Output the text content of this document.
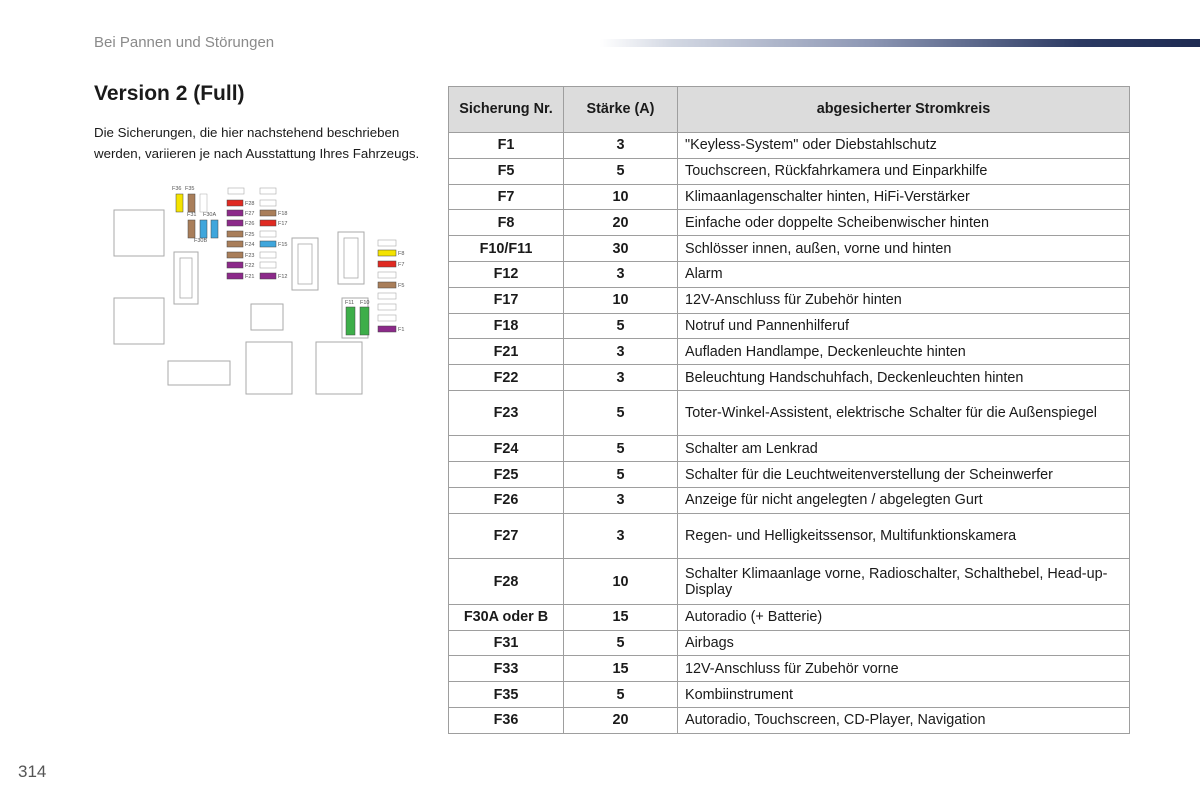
Bei Pannen und Störungen
Version 2 (Full)
Die Sicherungen, die hier nachstehend beschrieben werden, variieren je nach Ausstattung Ihres Fahrzeugs.
F36 F35
F31 F30A
F30B
F28
F27
F26
F25
F24
F23
F22
F21
F18
F17
F15
F12
F8
F7
F5
F1
F11 F10
Sicherung Nr.	Stärke (A)	abgesicherter Stromkreis
F1	3	"Keyless-System" oder Diebstahlschutz
F5	5	Touchscreen, Rückfahrkamera und Einparkhilfe
F7	10	Klimaanlagenschalter hinten, HiFi-Verstärker
F8	20	Einfache oder doppelte Scheibenwischer hinten
F10/F11	30	Schlösser innen, außen, vorne und hinten
F12	3	Alarm
F17	10	12V-Anschluss für Zubehör hinten
F18	5	Notruf und Pannenhilferuf
F21	3	Aufladen Handlampe, Deckenleuchte hinten
F22	3	Beleuchtung Handschuhfach, Deckenleuchten hinten
F23	5	Toter-Winkel-Assistent, elektrische Schalter für die Außenspiegel
F24	5	Schalter am Lenkrad
F25	5	Schalter für die Leuchtweitenverstellung der Scheinwerfer
F26	3	Anzeige für nicht angelegten / abgelegten Gurt
F27	3	Regen- und Helligkeitssensor, Multifunktionskamera
F28	10	Schalter Klimaanlage vorne, Radioschalter, Schalthebel, Head-up-Display
F30A oder B	15	Autoradio (+ Batterie)
F31	5	Airbags
F33	15	12V-Anschluss für Zubehör vorne
F35	5	Kombiinstrument
F36	20	Autoradio, Touchscreen, CD-Player, Navigation
314
